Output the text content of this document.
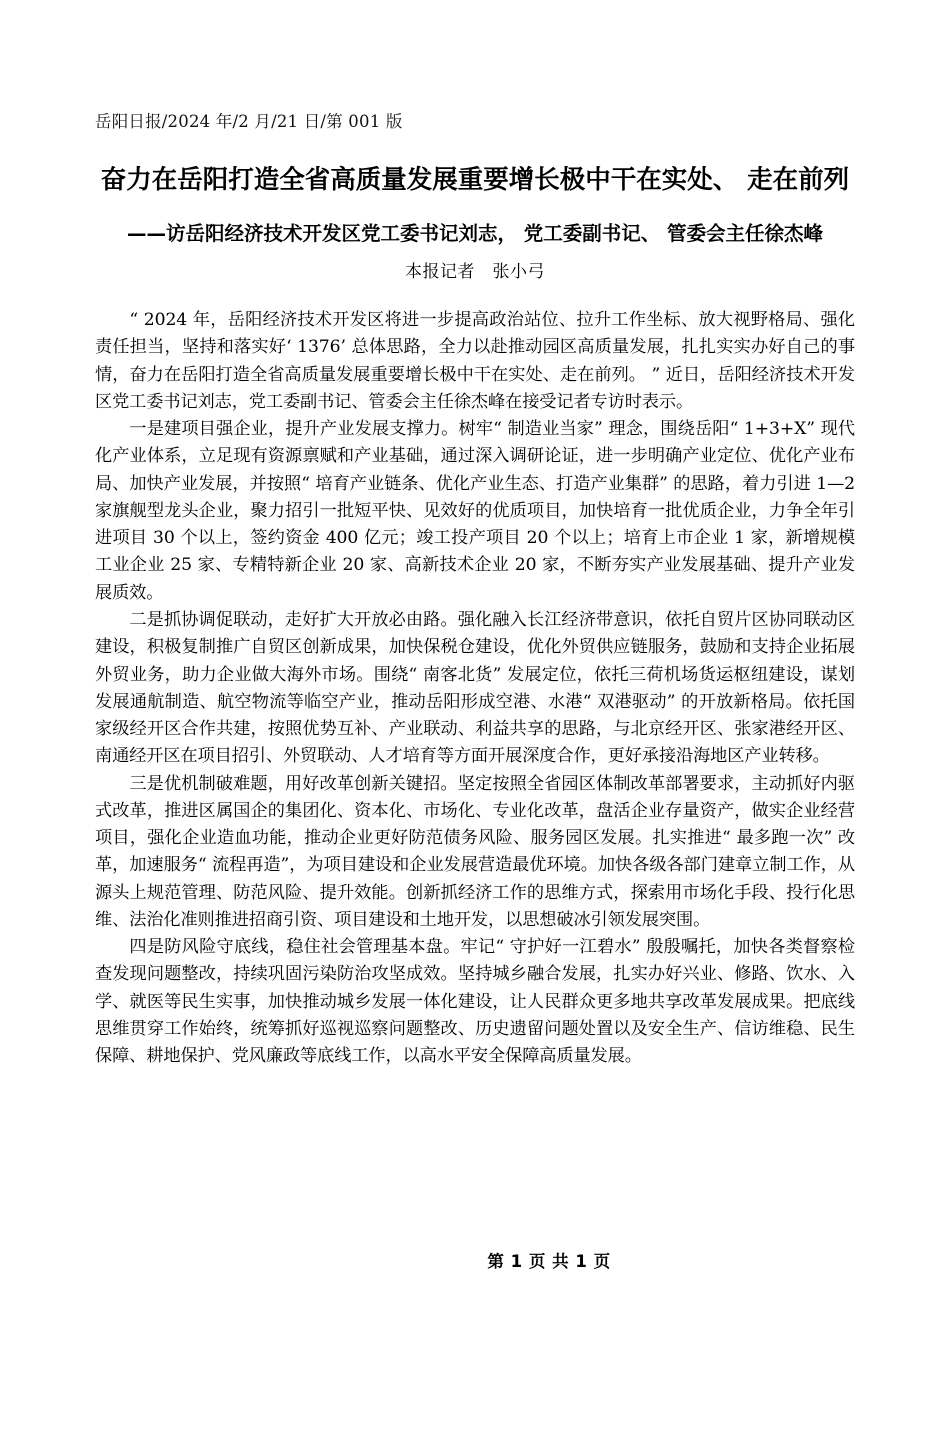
岳阳日报/2024 年/2 月/21 日/第 001 版
奋力在岳阳打造全省高质量发展重要增长极中干在实处、 走在前列
——访岳阳经济技术开发区党工委书记刘志， 党工委副书记、 管委会主任徐杰峰
本报记者　张小弓

“ 2024 年，岳阳经济技术开发区将进一步提高政治站位、拉升工作坐标、放大视野格局、强化责任担当，坚持和落实好‘ 1376’ 总体思路，全力以赴推动园区高质量发展，扎扎实实办好自己的事情，奋力在岳阳打造全省高质量发展重要增长极中干在实处、走在前列。 ” 近日，岳阳经济技术开发区党工委书记刘志，党工委副书记、管委会主任徐杰峰在接受记者专访时表示。

一是建项目强企业，提升产业发展支撑力。树牢“ 制造业当家” 理念，围绕岳阳“ 1+3+X” 现代化产业体系，立足现有资源禀赋和产业基础，通过深入调研论证，进一步明确产业定位、优化产业布局、加快产业发展，并按照“ 培育产业链条、优化产业生态、打造产业集群” 的思路，着力引进 1—2 家旗舰型龙头企业，聚力招引一批短平快、见效好的优质项目，加快培育一批优质企业，力争全年引进项目 30 个以上，签约资金 400 亿元；竣工投产项目 20 个以上；培育上市企业 1 家，新增规模工业企业 25 家、专精特新企业 20 家、高新技术企业 20 家，不断夯实产业发展基础、提升产业发展质效。

二是抓协调促联动，走好扩大开放必由路。强化融入长江经济带意识，依托自贸片区协同联动区建设，积极复制推广自贸区创新成果，加快保税仓建设，优化外贸供应链服务，鼓励和支持企业拓展外贸业务，助力企业做大海外市场。围绕“ 南客北货” 发展定位，依托三荷机场货运枢纽建设，谋划发展通航制造、航空物流等临空产业，推动岳阳形成空港、水港“ 双港驱动” 的开放新格局。依托国家级经开区合作共建，按照优势互补、产业联动、利益共享的思路，与北京经开区、张家港经开区、南通经开区在项目招引、外贸联动、人才培育等方面开展深度合作，更好承接沿海地区产业转移。

三是优机制破难题，用好改革创新关键招。坚定按照全省园区体制改革部署要求，主动抓好内驱式改革，推进区属国企的集团化、资本化、市场化、专业化改革，盘活企业存量资产，做实企业经营项目，强化企业造血功能，推动企业更好防范债务风险、服务园区发展。扎实推进“ 最多跑一次” 改革，加速服务“ 流程再造”，为项目建设和企业发展营造最优环境。加快各级各部门建章立制工作，从源头上规范管理、防范风险、提升效能。创新抓经济工作的思维方式，探索用市场化手段、投行化思维、法治化准则推进招商引资、项目建设和土地开发，以思想破冰引领发展突围。

四是防风险守底线，稳住社会管理基本盘。牢记“ 守护好一江碧水” 殷殷嘱托，加快各类督察检查发现问题整改，持续巩固污染防治攻坚成效。坚持城乡融合发展，扎实办好兴业、修路、饮水、入学、就医等民生实事，加快推动城乡发展一体化建设，让人民群众更多地共享改革发展成果。把底线思维贯穿工作始终，统筹抓好巡视巡察问题整改、历史遗留问题处置以及安全生产、信访维稳、民生保障、耕地保护、党风廉政等底线工作，以高水平安全保障高质量发展。

第 1 页 共 1 页
